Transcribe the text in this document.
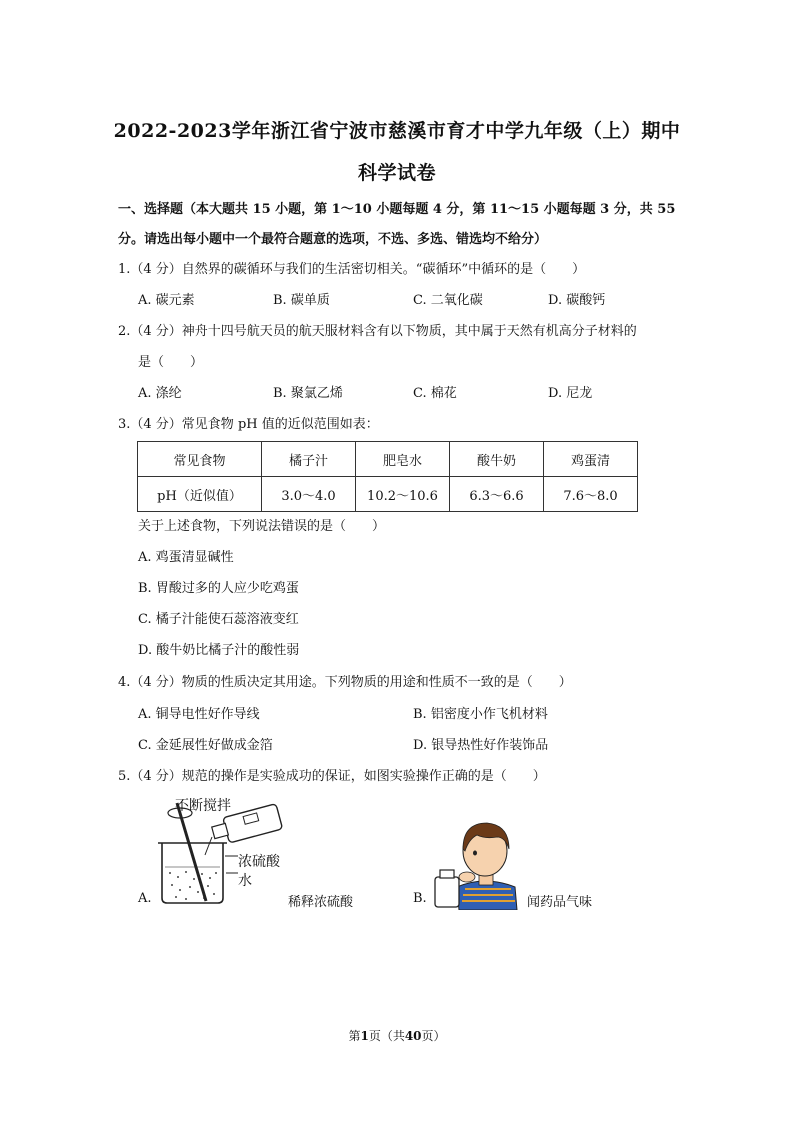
2022-2023学年浙江省宁波市慈溪市育才中学九年级（上）期中
科学试卷
一、选择题（本大题共 15 小题，第 1～10 小题每题 4 分，第 11～15 小题每题 3 分，共 55
分。请选出每小题中一个最符合题意的选项，不选、多选、错选均不给分）
1.（4 分）自然界的碳循环与我们的生活密切相关。“碳循环”中循环的是（　　）
A. 碳元素	B. 碳单质	C. 二氧化碳	D. 碳酸钙
2.（4 分）神舟十四号航天员的航天服材料含有以下物质，其中属于天然有机高分子材料的
是（　　）
A. 涤纶	B. 聚氯乙烯	C. 棉花	D. 尼龙
3.（4 分）常见食物 pH 值的近似范围如表：
常见食物	橘子汁	肥皂水	酸牛奶	鸡蛋清
pH（近似值）	3.0～4.0	10.2～10.6	6.3～6.6	7.6～8.0
关于上述食物，下列说法错误的是（　　）
A. 鸡蛋清显碱性
B. 胃酸过多的人应少吃鸡蛋
C. 橘子汁能使石蕊溶液变红
D. 酸牛奶比橘子汁的酸性弱
4.（4 分）物质的性质决定其用途。下列物质的用途和性质不一致的是（　　）
A. 铜导电性好作导线	B. 铝密度小作飞机材料
C. 金延展性好做成金箔	D. 银导热性好作装饰品
5.（4 分）规范的操作是实验成功的保证，如图实验操作正确的是（　　）
不断搅拌
浓硫酸
水
A.	稀释浓硫酸	B.	闻药品气味
第1页（共40页）
